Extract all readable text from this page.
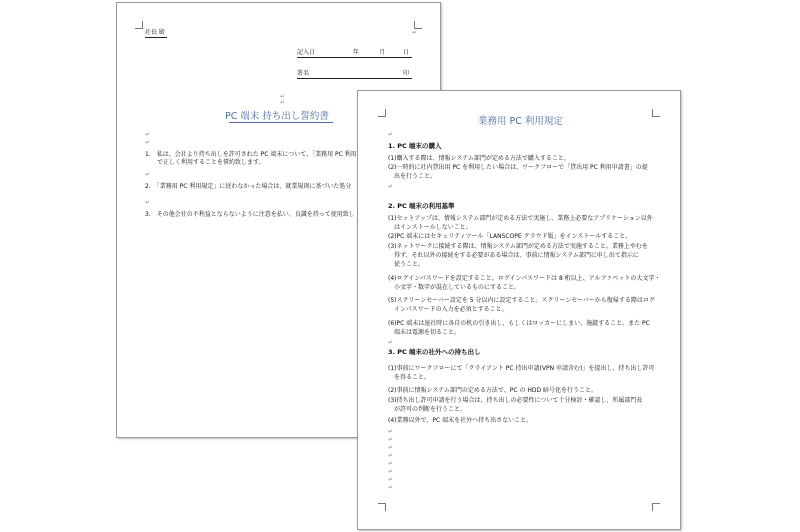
社長 殿
記入日	年	月	日
署名	印
PC 端末 持ち出し誓約書
1.　私は、会社より持ち出しを許可された PC 端末について、「業務用 PC 利用
　　で正しく利用することを誓約致します。
2.　「業務用 PC 利用規定」に従わなかった場合は、就業規則に基づいた処分
3.　その他会社の不利益とならないように注意を払い、良識を持って使用致し
↵
↵
↵
↵
↵
↵
↵
業務用 PC 利用規定
↵
1. PC 端末の購入
(1)購入する際は、情報システム部門が定める方法で購入すること。
(2)一時的に社内貸出用 PC を利用したい場合は、ワークフローで「貸出用 PC 利用申請書」の提
　出を行うこと。
↵
2. PC 端末の利用基準
(1)セットアップは、情報システム部門が定める方法で実施し、業務上必要なアプリケーション以外
　はインストールしないこと。
(2)PC 端末にはセキュリティツール「LANSCOPE クラウド版」をインストールすること。
(3)ネットワークに接続する際は、情報システム部門が定める方法で実施すること。業務上やむを
　得ず、それ以外の接続をする必要がある場合は、事前に情報システム部門に申し出て指示に
　従うこと。
(4)ログインパスワードを設定すること。ログインパスワードは 8 桁以上、アルファベットの大文字・
　小文字・数字が混在しているものにすること。
(5)スクリーンセーバー設定を 5 分以内に設定すること。スクリーンセーバーから復帰する際はログ
　インパスワードの入力を必須とすること。
(6)PC 端末は退社時に各自の机の引き出し、もしくはロッカーにしまい、施錠すること。また PC
　端末は電源を切ること。
↵
3. PC 端末の社外への持ち出し
(1)事前にワークフローにて「クライアント PC 持出申請(VPN 申請含む)」を提出し、持ち出し許可
　を得ること。
(2)事前に情報システム部門の定める方法で、PC の HDD 暗号化を行うこと。
(3)持ち出し許可申請を行う場合は、持ち出しの必要性について十分検討・確認し、所属部門長
　が許可の判断を行うこと。
(4)業務以外で、PC 端末を社外へ持ち出さないこと。
↵
↵
↵
↵
↵
↵
↵
↵
